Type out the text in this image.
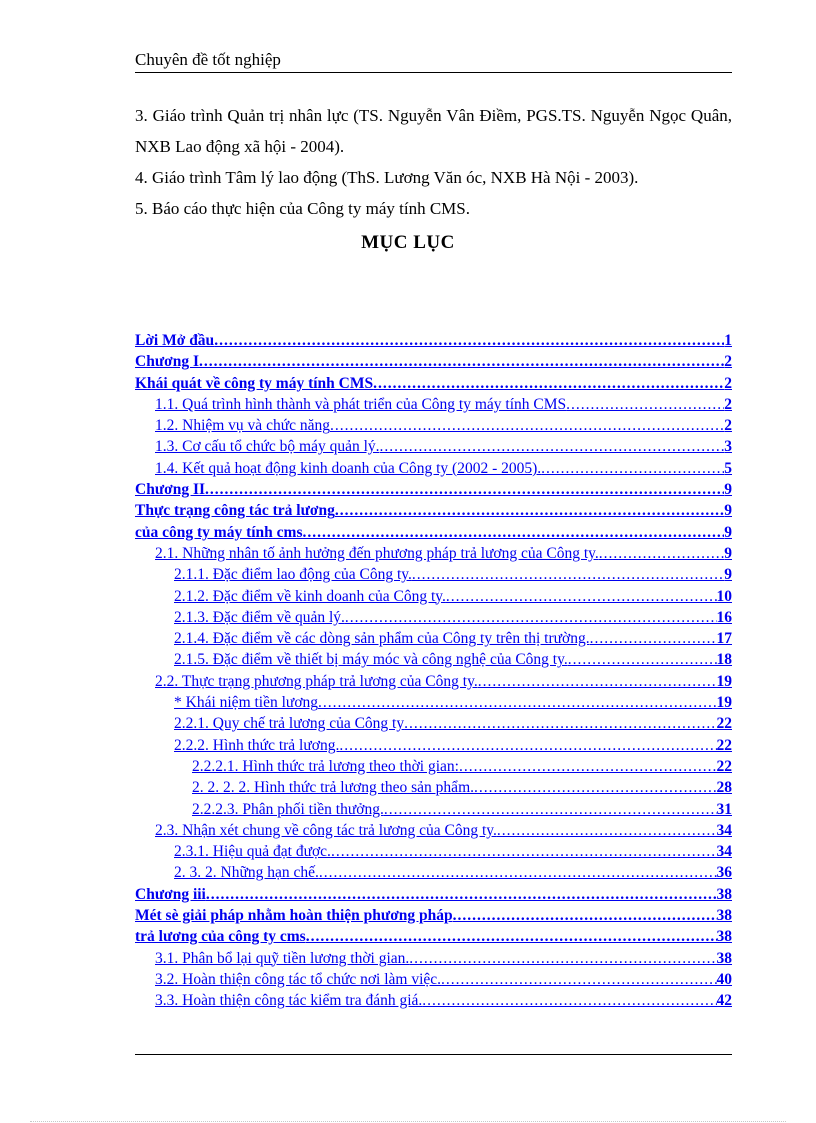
Chuyên đề tốt nghiệp
3. Giáo trình Quản trị nhân lực (TS. Nguyễn Vân Điềm, PGS.TS. Nguyễn Ngọc Quân, NXB Lao động xã hội - 2004).
4. Giáo trình Tâm lý lao động (ThS. Lương Văn óc, NXB Hà Nội - 2003).
5. Báo cáo thực hiện của Công ty máy tính CMS.
MỤC LỤC
Lời Mở đầu .....	1
Chương I .....	2
Khái quát về công ty máy tính CMS .....	2
1.1. Quá trình hình thành và phát triển của Công ty máy tính CMS .....	2
1.2. Nhiệm vụ và chức năng .....	2
1.3. Cơ cấu tổ chức bộ máy quản lý. .....	3
1.4. Kết quả hoạt động kinh doanh của Công ty (2002 - 2005). .....	5
Chương II .....	9
Thực trạng công tác trả lương .....	9
của công ty máy tính cms .....	9
2.1. Những nhân tố ảnh hưởng đến phương pháp trả lương của Công ty. .....	9
2.1.1. Đặc điểm lao động của Công ty. .....	9
2.1.2. Đặc điểm về kinh doanh của Công ty. .....	10
2.1.3. Đặc điểm về quản lý. .....	16
2.1.4. Đặc điểm về các dòng sản phẩm của Công ty trên thị trường. .....	17
2.1.5. Đặc điểm về thiết bị máy móc và công nghệ của Công ty. .....	18
2.2. Thực trạng phương pháp trả lương của Công ty. .....	19
* Khái niệm tiền lương .....	19
2.2.1. Quy chế trả lương của Công ty .....	22
2.2.2. Hình thức trả lương. .....	22
2.2.2.1. Hình thức trả lương theo thời gian: .....	22
2. 2. 2. 2. Hình thức trả lương theo sản phẩm. .....	28
2.2.2.3. Phân phối tiền thưởng. .....	31
2.3. Nhận xét chung về công tác trả lương của Công ty. .....	34
2.3.1. Hiệu quả đạt được. .....	34
2. 3. 2. Những hạn chế. .....	36
Chương iii .....	38
Mét sè giải pháp nhằm hoàn thiện phương pháp .....	38
trả lương của công ty cms .....	38
3.1. Phân bổ lại quỹ tiền lương thời gian. .....	38
3.2. Hoàn thiện công tác tổ chức nơi làm việc. .....	40
3.3. Hoàn thiện công tác kiểm tra đánh giá. .....	42
